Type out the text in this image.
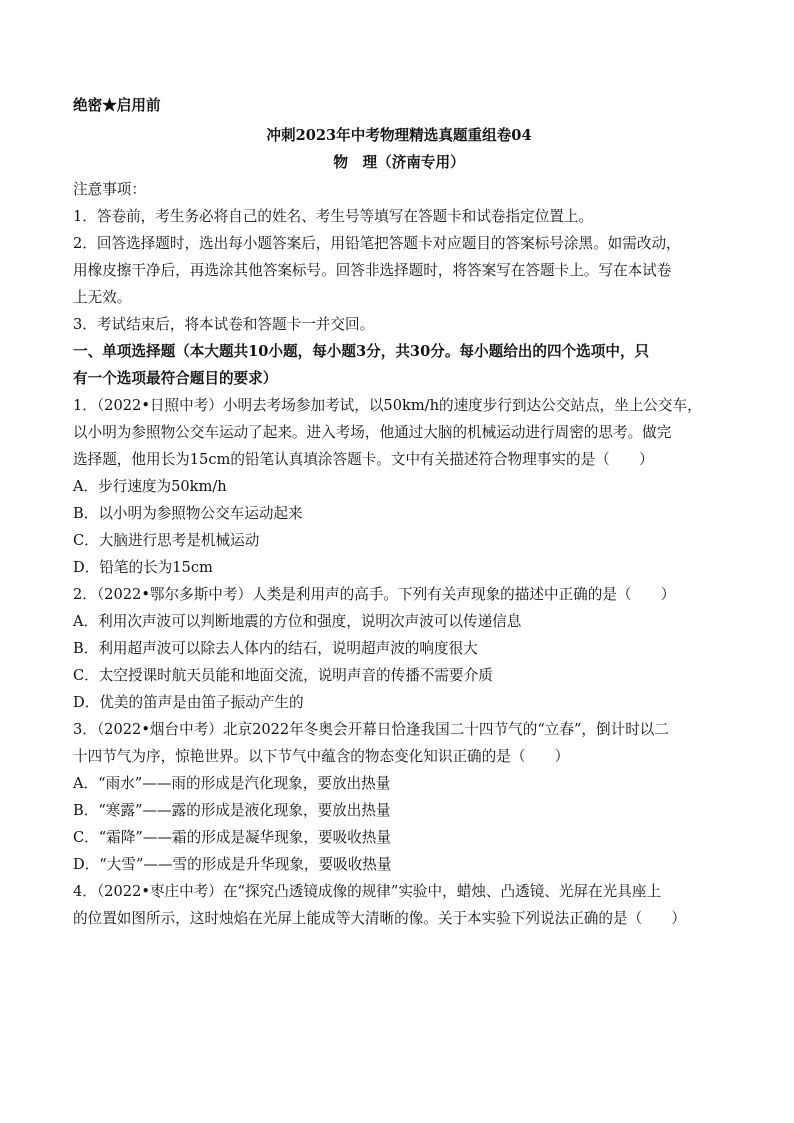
绝密★启用前
冲刺2023年中考物理精选真题重组卷04
物　理（济南专用）
注意事项：
1．答卷前，考生务必将自己的姓名、考生号等填写在答题卡和试卷指定位置上。
2．回答选择题时，选出每小题答案后，用铅笔把答题卡对应题目的答案标号涂黑。如需改动，
用橡皮擦干净后，再选涂其他答案标号。回答非选择题时，将答案写在答题卡上。写在本试卷
上无效。
3．考试结束后，将本试卷和答题卡一并交回。
一、单项选择题（本大题共10小题，每小题3分，共30分。每小题给出的四个选项中，只
有一个选项最符合题目的要求）
1．（2022•日照中考）小明去考场参加考试，以50km/h的速度步行到达公交站点，坐上公交车，
以小明为参照物公交车运动了起来。进入考场，他通过大脑的机械运动进行周密的思考。做完
选择题，他用长为15cm的铅笔认真填涂答题卡。文中有关描述符合物理事实的是（　　）
A．步行速度为50km/h
B．以小明为参照物公交车运动起来
C．大脑进行思考是机械运动
D．铅笔的长为15cm
2．（2022•鄂尔多斯中考）人类是利用声的高手。下列有关声现象的描述中正确的是（　　）
A．利用次声波可以判断地震的方位和强度，说明次声波可以传递信息
B．利用超声波可以除去人体内的结石，说明超声波的响度很大
C．太空授课时航天员能和地面交流，说明声音的传播不需要介质
D．优美的笛声是由笛子振动产生的
3．（2022•烟台中考）北京2022年冬奥会开幕日恰逢我国二十四节气的“立春”，倒计时以二
十四节气为序，惊艳世界。以下节气中蕴含的物态变化知识正确的是（　　）
A．“雨水”——雨的形成是汽化现象，要放出热量
B．“寒露”——露的形成是液化现象，要放出热量
C．“霜降”——霜的形成是凝华现象，要吸收热量
D．“大雪”——雪的形成是升华现象，要吸收热量
4．（2022•枣庄中考）在“探究凸透镜成像的规律”实验中，蜡烛、凸透镜、光屏在光具座上
的位置如图所示，这时烛焰在光屏上能成等大清晰的像。关于本实验下列说法正确的是（　　）
